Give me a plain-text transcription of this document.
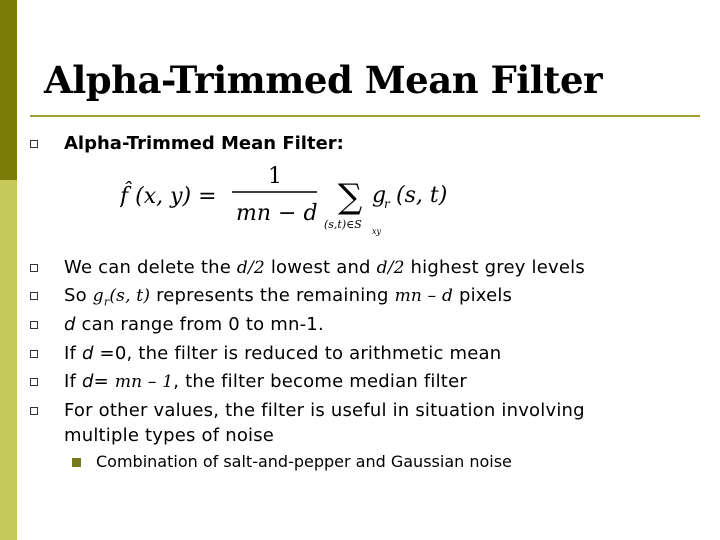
Alpha-Trimmed Mean Filter
Alpha-Trimmed Mean Filter:
f̂ (x, y) =
1
mn − d ∑
(s,t)∈S
xy
g
r (s, t)
We can delete the d/2 lowest and d/2 highest grey levels
So $g_r(s$, t) represents the remaining mn – d pixels
d can range from 0 to mn-1.
If d =0, the filter is reduced to arithmetic mean
If d= mn – 1, the filter become median filter
For other values, the filter is useful in situation involving
multiple types of noise
Combination of salt-and-pepper and Gaussian noise
